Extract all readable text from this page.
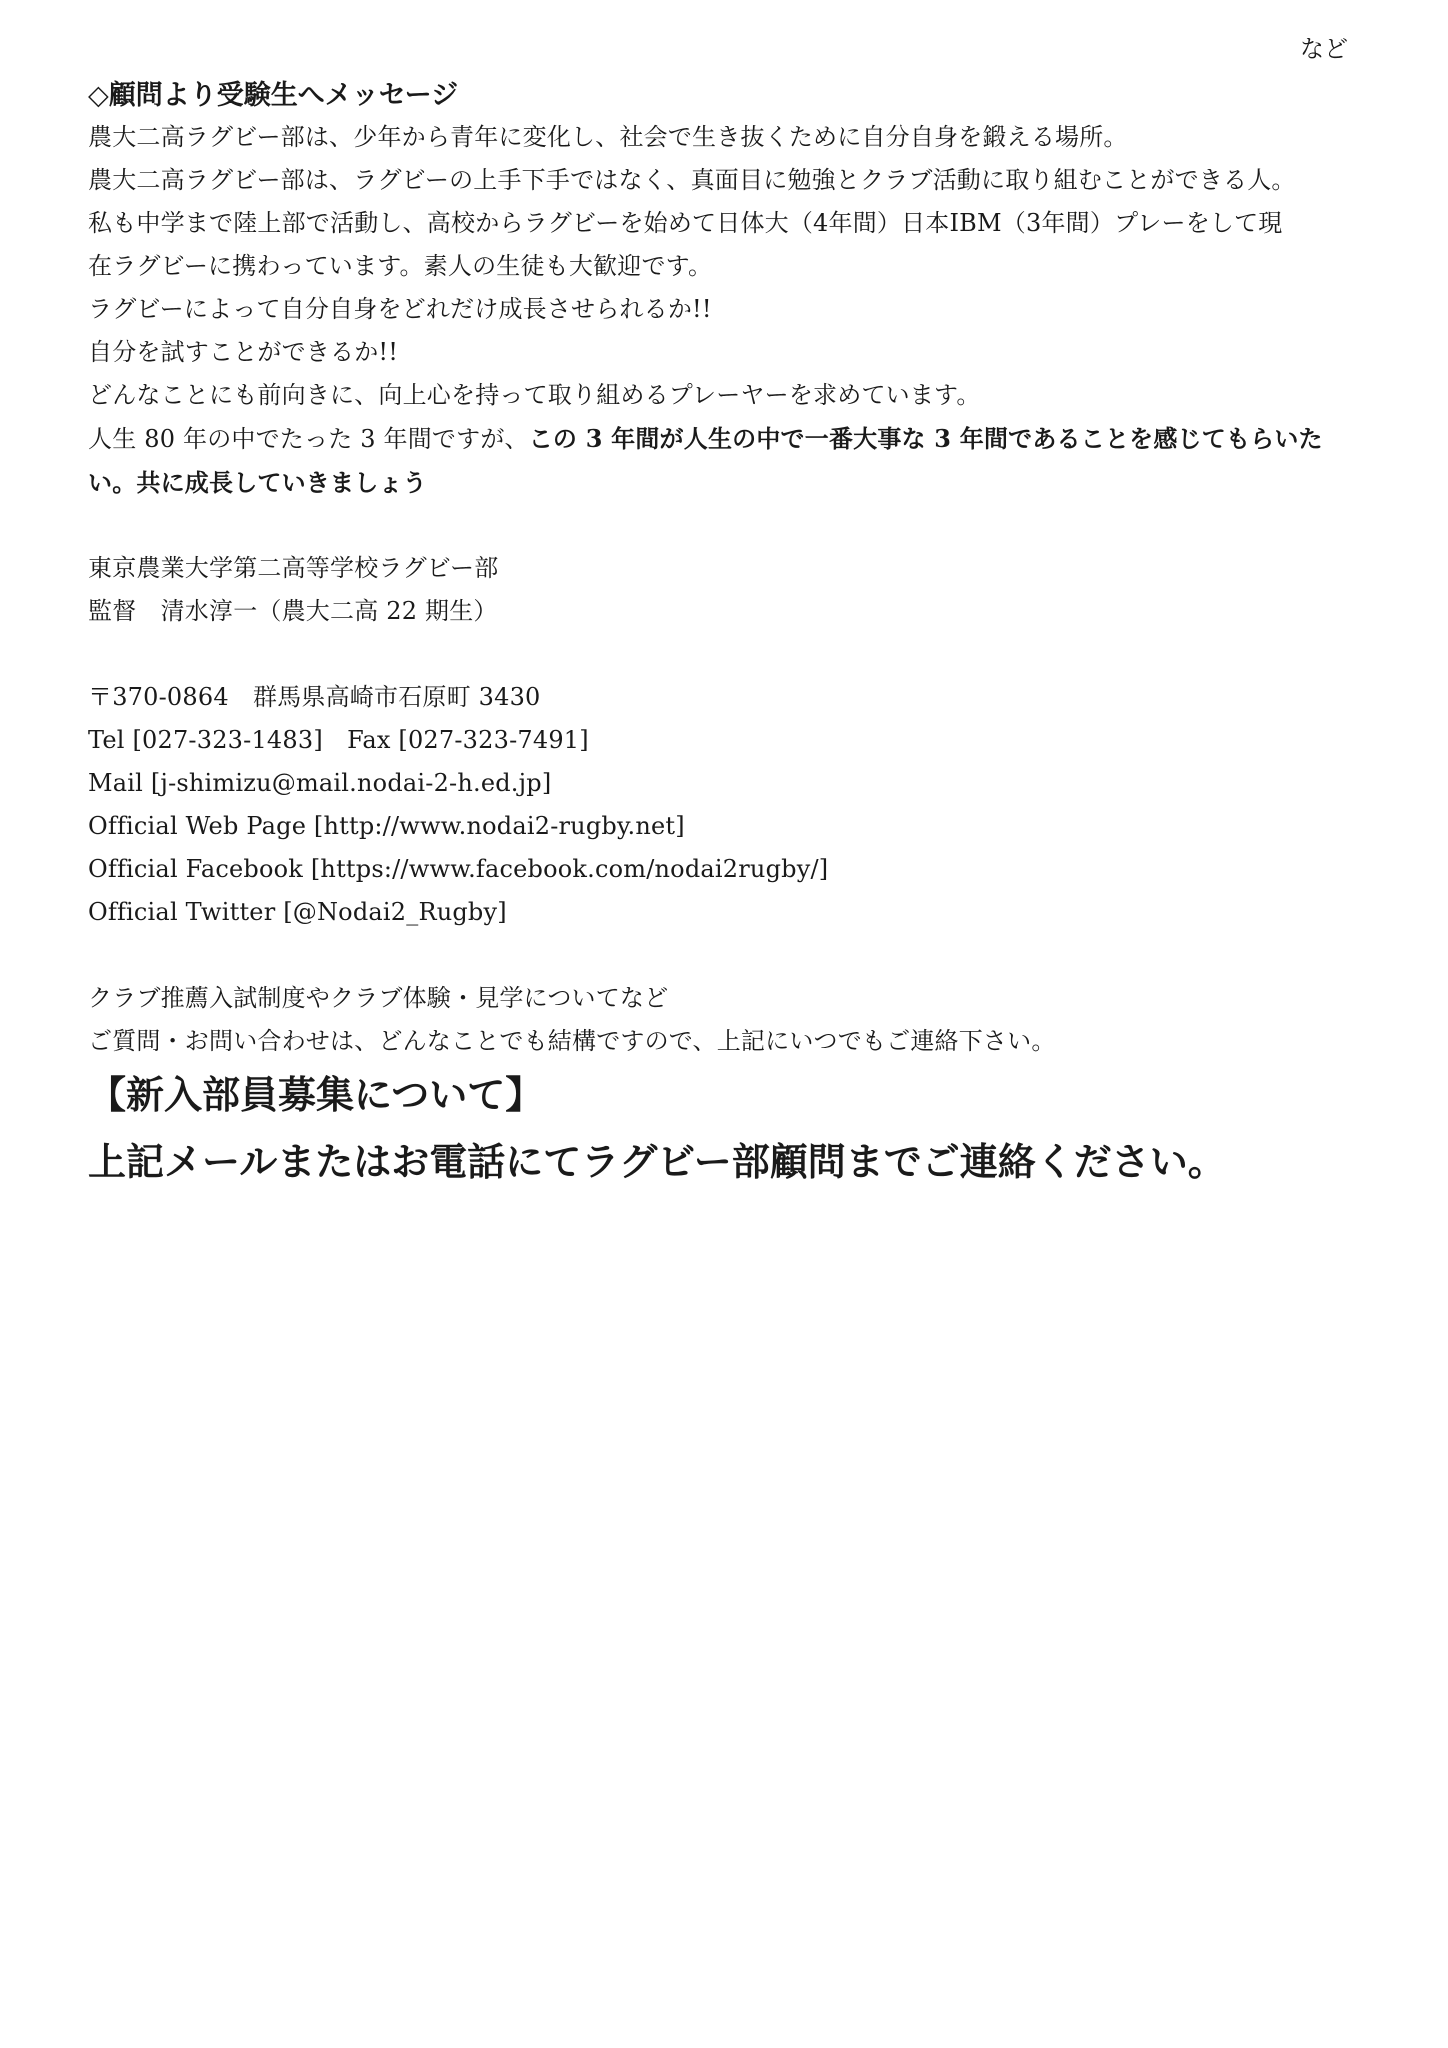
など

◇顧問より受験生へメッセージ

農大二高ラグビー部は、少年から青年に変化し、社会で生き抜くために自分自身を鍛える場所。

農大二高ラグビー部は、ラグビーの上手下手ではなく、真面目に勉強とクラブ活動に取り組むことができる人。

私も中学まで陸上部で活動し、高校からラグビーを始めて日体大（4年間）日本IBM（3年間）プレーをして現

在ラグビーに携わっています。素人の生徒も大歓迎です。

ラグビーによって自分自身をどれだけ成長させられるか!!

自分を試すことができるか!!

どんなことにも前向きに、向上心を持って取り組めるプレーヤーを求めています。

人生 80 年の中でたった 3 年間ですが、この 3 年間が人生の中で一番大事な 3 年間であることを感じてもらいた

い。共に成長していきましょう

東京農業大学第二高等学校ラグビー部

監督　清水淳一（農大二高 22 期生）

〒370-0864　群馬県高崎市石原町 3430

Tel [027-323-1483]　Fax [027-323-7491]

Mail [j-shimizu@mail.nodai-2-h.ed.jp]

Official Web Page [http://www.nodai2-rugby.net]

Official Facebook [https://www.facebook.com/nodai2rugby/]

Official Twitter [@Nodai2_Rugby]

クラブ推薦入試制度やクラブ体験・見学についてなど

ご質問・お問い合わせは、どんなことでも結構ですので、上記にいつでもご連絡下さい。

【新入部員募集について】

上記メールまたはお電話にてラグビー部顧問までご連絡ください。
